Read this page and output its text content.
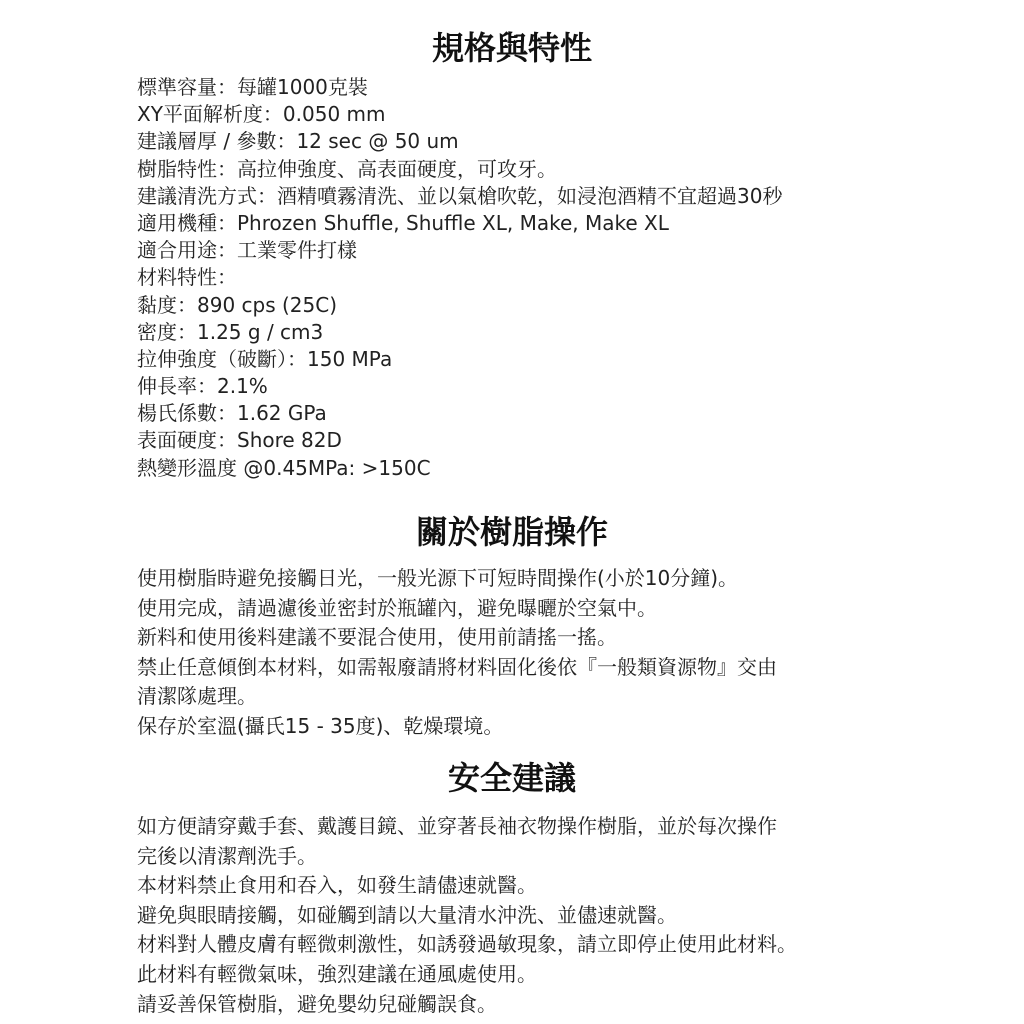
規格與特性
標準容量：每罐1000克裝
XY平面解析度：0.050 mm
建議層厚 / 參數：12 sec @ 50 um
樹脂特性：高拉伸強度、高表面硬度，可攻牙。
建議清洗方式：酒精噴霧清洗、並以氣槍吹乾，如浸泡酒精不宜超過30秒
適用機種：Phrozen Shuffle, Shuffle XL, Make, Make XL
適合用途：工業零件打樣
材料特性：
黏度：890 cps (25C)
密度：1.25 g / cm3
拉伸強度（破斷）：150 MPa
伸長率：2.1%
楊氏係數：1.62 GPa
表面硬度：Shore 82D
熱變形溫度 @0.45MPa: >150C
關於樹脂操作
使用樹脂時避免接觸日光，一般光源下可短時間操作(小於10分鐘)。
使用完成，請過濾後並密封於瓶罐內，避免曝曬於空氣中。
新料和使用後料建議不要混合使用，使用前請搖一搖。
禁止任意傾倒本材料，如需報廢請將材料固化後依『一般類資源物』交由
清潔隊處理。
保存於室溫(攝氏15 - 35度)、乾燥環境。
安全建議
如方便請穿戴手套、戴護目鏡、並穿著長袖衣物操作樹脂，並於每次操作
完後以清潔劑洗手。
本材料禁止食用和吞入，如發生請儘速就醫。
避免與眼睛接觸，如碰觸到請以大量清水沖洗、並儘速就醫。
材料對人體皮膚有輕微刺激性，如誘發過敏現象，請立即停止使用此材料。
此材料有輕微氣味，強烈建議在通風處使用。
請妥善保管樹脂，避免嬰幼兒碰觸誤食。
